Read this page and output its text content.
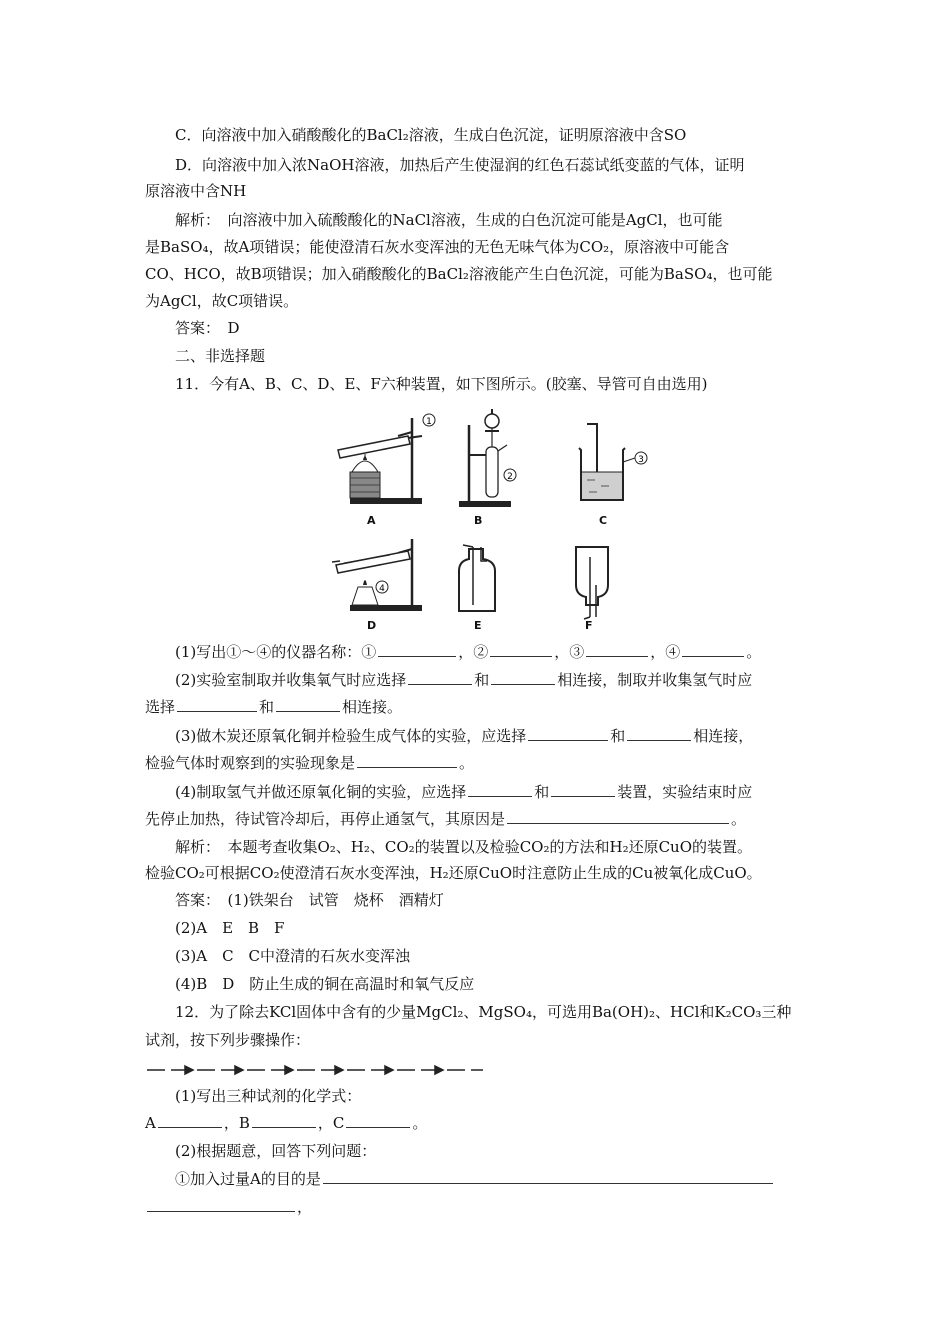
C．向溶液中加入硝酸酸化的BaCl₂溶液，生成白色沉淀，证明原溶液中含SO
D．向溶液中加入浓NaOH溶液，加热后产生使湿润的红色石蕊试纸变蓝的气体，证明
原溶液中含NH
解析：　向溶液中加入硫酸酸化的NaCl溶液，生成的白色沉淀可能是AgCl，也可能
是BaSO₄，故A项错误；能使澄清石灰水变浑浊的无色无味气体为CO₂，原溶液中可能含
CO、HCO，故B项错误；加入硝酸酸化的BaCl₂溶液能产生白色沉淀，可能为BaSO₄，也可能
为AgCl，故C项错误。
答案：　D
二、非选择题
11．今有A、B、C、D、E、F六种装置，如下图所示。(胶塞、导管可自由选用)
1
A
2
B
3
C
4
D	E	F
(1)写出①～④的仪器名称：①	，②	，③	，④	。
(2)实验室制取并收集氧气时应选择	和	相连接，制取并收集氢气时应
选择	和	相连接。
(3)做木炭还原氧化铜并检验生成气体的实验，应选择	和	相连接，
检验气体时观察到的实验现象是	。
(4)制取氢气并做还原氧化铜的实验，应选择	和	装置，实验结束时应
先停止加热，待试管冷却后，再停止通氢气，其原因是	。
解析：　本题考查收集O₂、H₂、CO₂的装置以及检验CO₂的方法和H₂还原CuO的装置。
检验CO₂可根据CO₂使澄清石灰水变浑浊，H₂还原CuO时注意防止生成的Cu被氧化成CuO。
答案：　(1)铁架台　试管　烧杯　酒精灯
(2)A　E　B　F
(3)A　C　C中澄清的石灰水变浑浊
(4)B　D　防止生成的铜在高温时和氧气反应
12．为了除去KCl固体中含有的少量MgCl₂、MgSO₄，可选用Ba(OH)₂、HCl和K₂CO₃三种
试剂，按下列步骤操作：
(1)写出三种试剂的化学式：
A	，B	，C	。
(2)根据题意，回答下列问题：
①加入过量A的目的是
，
